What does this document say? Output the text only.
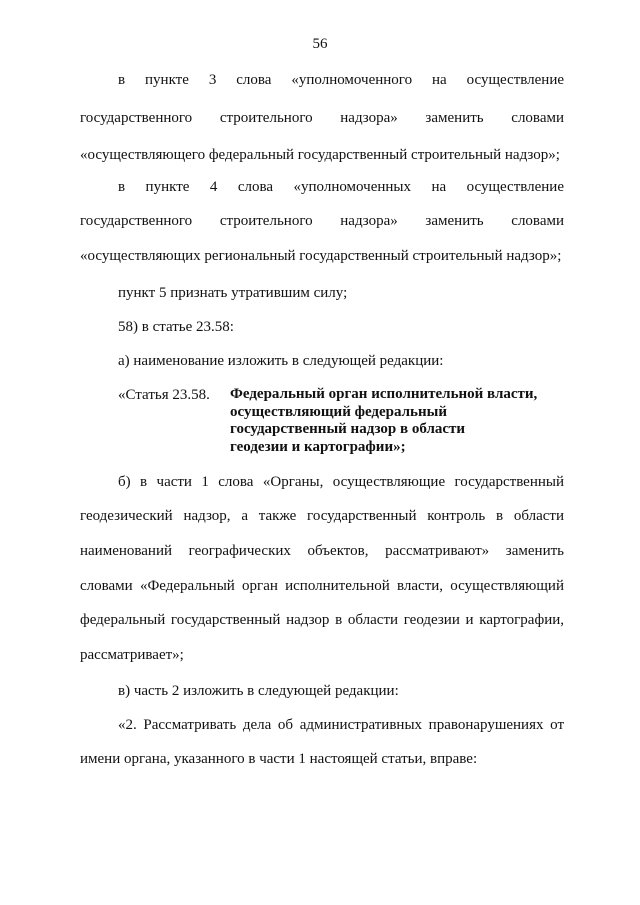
56
в пункте 3 слова «уполномоченного на осуществление
государственного строительного надзора» заменить словами
«осуществляющего федеральный государственный строительный надзор»;
в пункте 4 слова «уполномоченных на осуществление
государственного строительного надзора» заменить словами
«осуществляющих региональный государственный строительный надзор»;
пункт 5 признать утратившим силу;
58) в статье 23.58:
а) наименование изложить в следующей редакции:
«Статья 23.58. Федеральный орган исполнительной власти,
осуществляющий федеральный
государственный надзор в области
геодезии и картографии»;
б) в части 1 слова «Органы, осуществляющие государственный
геодезический надзор, а также государственный контроль в области
наименований географических объектов, рассматривают» заменить
словами «Федеральный орган исполнительной власти, осуществляющий
федеральный государственный надзор в области геодезии и картографии,
рассматривает»;
в) часть 2 изложить в следующей редакции:
«2. Рассматривать дела об административных правонарушениях от
имени органа, указанного в части 1 настоящей статьи, вправе:
